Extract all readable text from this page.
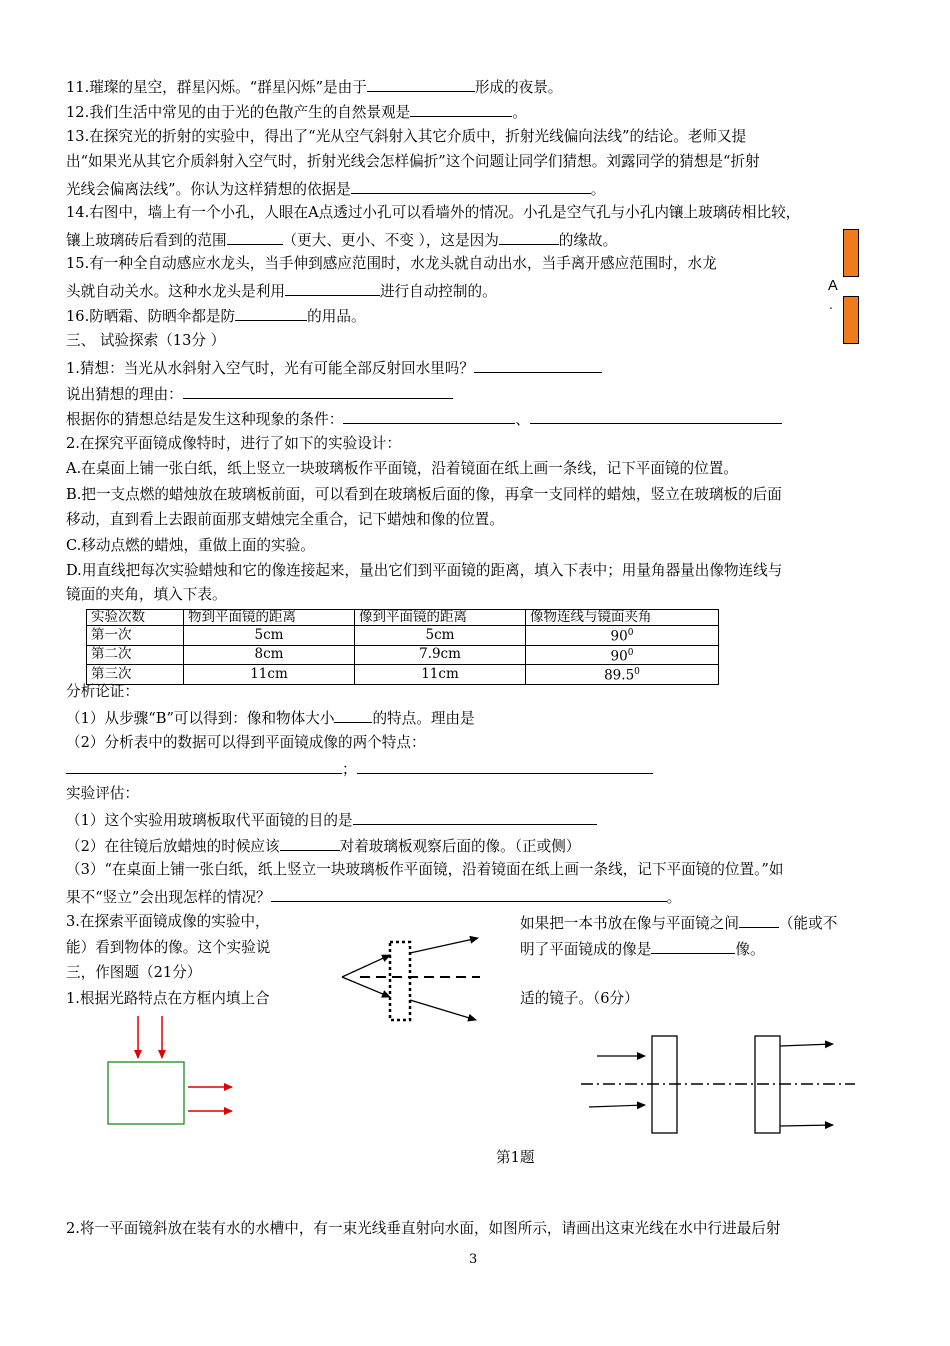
11.璀璨的星空，群星闪烁。“群星闪烁”是由于	形成的夜景。
12.我们生活中常见的由于光的色散产生的自然景观是	。
13.在探究光的折射的实验中，得出了“光从空气斜射入其它介质中，折射光线偏向法线”的结论。老师又提
出“如果光从其它介质斜射入空气时，折射光线会怎样偏折”这个问题让同学们猜想。刘露同学的猜想是“折射
光线会偏离法线”。你认为这样猜想的依据是	。
14.右图中，墙上有一个小孔，人眼在A点透过小孔可以看墙外的情况。小孔是空气孔与小孔内镶上玻璃砖相比较，
镶上玻璃砖后看到的范围	（更大、更小、不变 ），这是因为	的缘故。
15.有一种全自动感应水龙头，当手伸到感应范围时，水龙头就自动出水，当手离开感应范围时，水龙
头就自动关水。这种水龙头是利用	进行自动控制的。
16.防晒霜、防晒伞都是防	的用品。
A
.
三、 试验探索（13分 ）
1.猜想：当光从水斜射入空气时，光有可能全部反射回水里吗？
说出猜想的理由：
根据你的猜想总结是发生这种现象的条件：	、
2.在探究平面镜成像特时，进行了如下的实验设计：
A.在桌面上铺一张白纸，纸上竖立一块玻璃板作平面镜，沿着镜面在纸上画一条线，记下平面镜的位置。
B.把一支点燃的蜡烛放在玻璃板前面，可以看到在玻璃板后面的像，再拿一支同样的蜡烛，竖立在玻璃板的后面
移动，直到看上去跟前面那支蜡烛完全重合，记下蜡烛和像的位置。
C.移动点燃的蜡烛，重做上面的实验。
D.用直线把每次实验蜡烛和它的像连接起来，量出它们到平面镜的距离，填入下表中；用量角器量出像物连线与
镜面的夹角，填入下表。
实验次数	物到平面镜的距离	像到平面镜的距离	像物连线与镜面夹角
第一次	5cm	5cm	$90^0$
第二次	8cm	7.9cm	$90^0$
第三次	11cm	11cm	89.5$^0$
分析论证：
（1）从步骤“B”可以得到：像和物体大小	的特点。理由是
（2）分析表中的数据可以得到平面镜成像的两个特点：
；
实验评估：
（1）这个实验用玻璃板取代平面镜的目的是
（2）在往镜后放蜡烛的时候应该	对着玻璃板观察后面的像。（正或侧）
（3）“在桌面上铺一张白纸，纸上竖立一块玻璃板作平面镜，沿着镜面在纸上画一条线，记下平面镜的位置。”如
果不“竖立”会出现怎样的情况？	。
3.在探索平面镜成像的实验中，	如果把一本书放在像与平面镜之间	（能或不
能）看到物体的像。这个实验说	明了平面镜成的像是	像。
三，作图题（21分）
1.根据光路特点在方框内填上合	适的镜子。（6分）
第1题
2.将一平面镜斜放在装有水的水槽中，有一束光线垂直射向水面，如图所示，请画出这束光线在水中行进最后射
3
